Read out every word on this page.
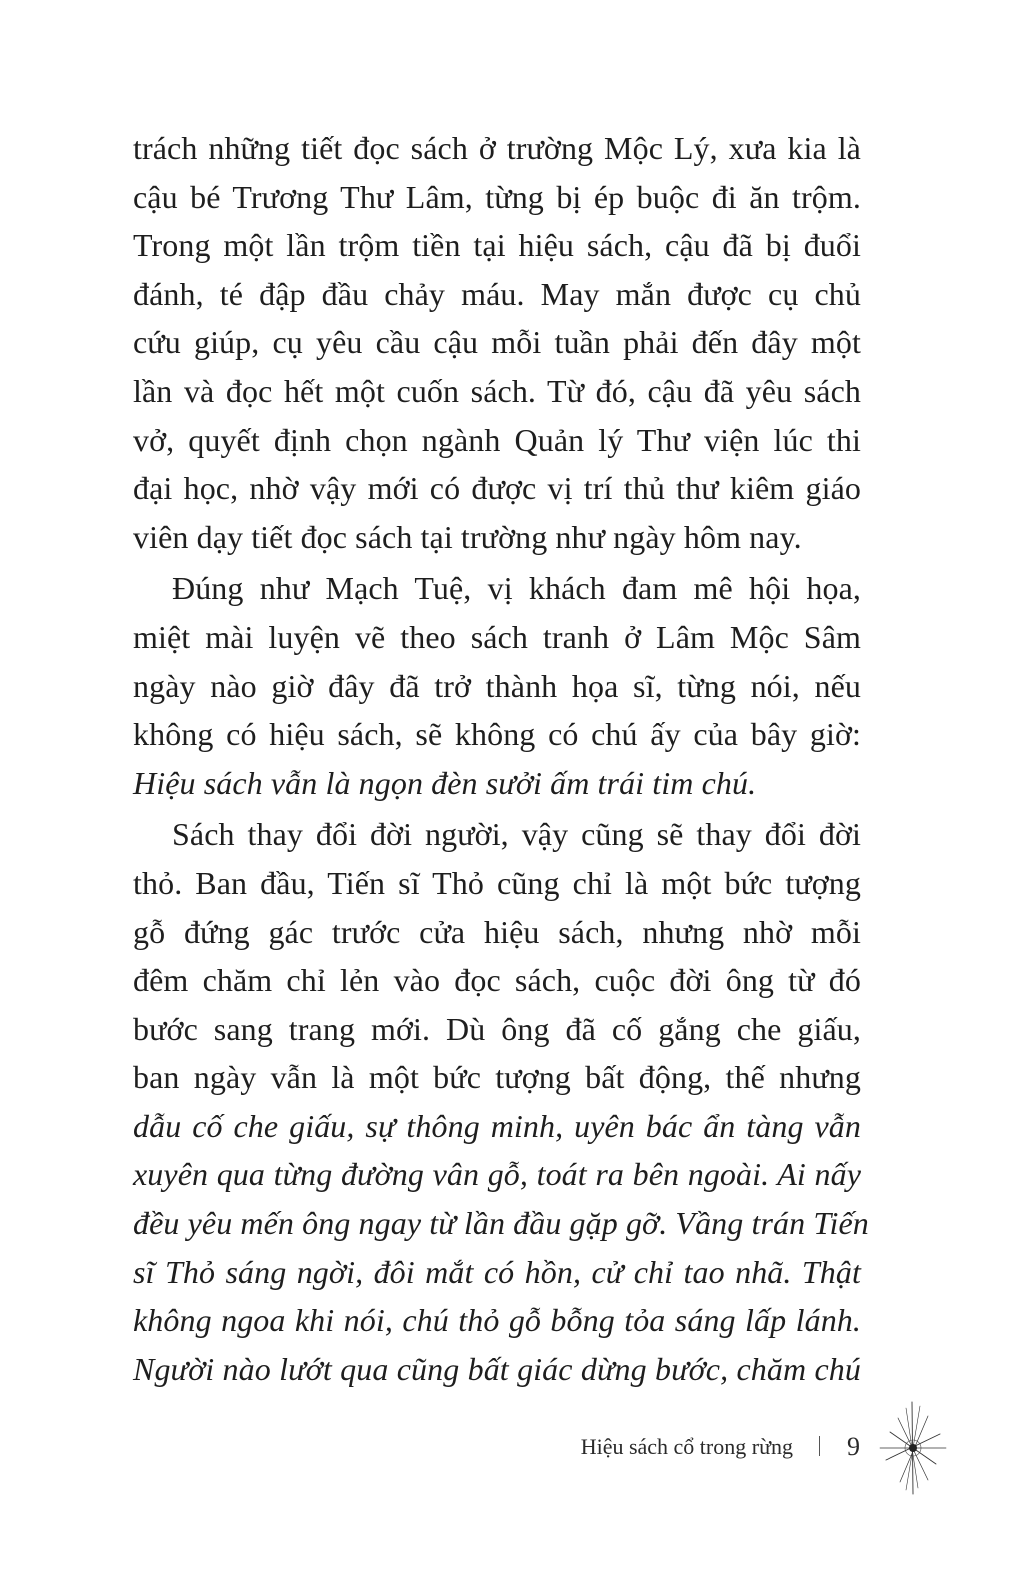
trách những tiết đọc sách ở trường Mộc Lý, xưa kia là
cậu bé Trương Thư Lâm, từng bị ép buộc đi ăn trộm.
Trong một lần trộm tiền tại hiệu sách, cậu đã bị đuổi
đánh, té đập đầu chảy máu. May mắn được cụ chủ
cứu giúp, cụ yêu cầu cậu mỗi tuần phải đến đây một
lần và đọc hết một cuốn sách. Từ đó, cậu đã yêu sách
vở, quyết định chọn ngành Quản lý Thư viện lúc thi
đại học, nhờ vậy mới có được vị trí thủ thư kiêm giáo
viên dạy tiết đọc sách tại trường như ngày hôm nay.

Đúng như Mạch Tuệ, vị khách đam mê hội họa,
miệt mài luyện vẽ theo sách tranh ở Lâm Mộc Sâm
ngày nào giờ đây đã trở thành họa sĩ, từng nói, nếu
không có hiệu sách, sẽ không có chú ấy của bây giờ:
Hiệu sách vẫn là ngọn đèn sưởi ấm trái tim chú.

Sách thay đổi đời người, vậy cũng sẽ thay đổi đời
thỏ. Ban đầu, Tiến sĩ Thỏ cũng chỉ là một bức tượng
gỗ đứng gác trước cửa hiệu sách, nhưng nhờ mỗi
đêm chăm chỉ lẻn vào đọc sách, cuộc đời ông từ đó
bước sang trang mới. Dù ông đã cố gắng che giấu,
ban ngày vẫn là một bức tượng bất động, thế nhưng
dẫu cố che giấu, sự thông minh, uyên bác ẩn tàng vẫn
xuyên qua từng đường vân gỗ, toát ra bên ngoài. Ai nấy
đều yêu mến ông ngay từ lần đầu gặp gỡ. Vầng trán Tiến
sĩ Thỏ sáng ngời, đôi mắt có hồn, cử chỉ tao nhã. Thật
không ngoa khi nói, chú thỏ gỗ bỗng tỏa sáng lấp lánh.
Người nào lướt qua cũng bất giác dừng bước, chăm chú

Hiệu sách cổ trong rừng 9
